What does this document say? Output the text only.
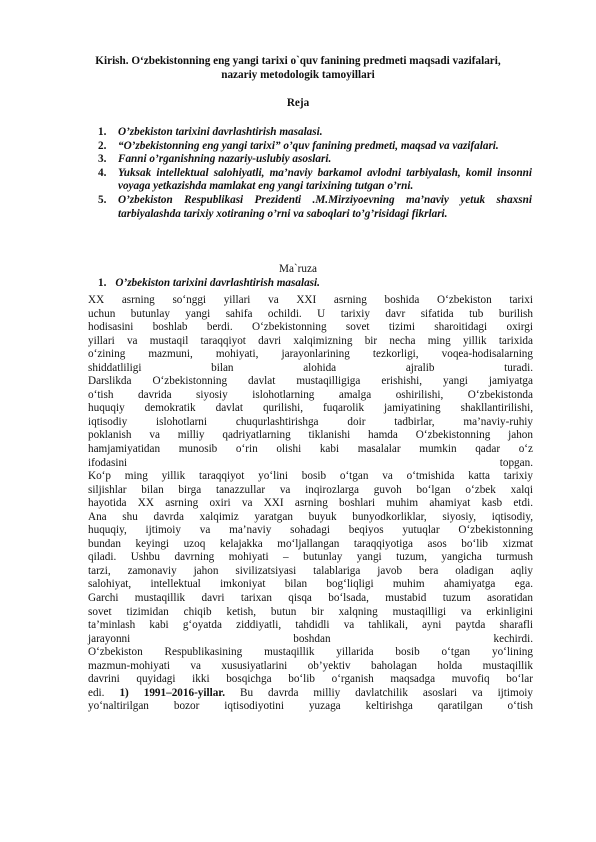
Kirish. O‘zbekistonning eng yangi tarixi o`quv fanining predmeti maqsadi vazifalari,
nazariy metodologik tamoyillari
Reja
1. O’zbekiston tarixini davrlashtirish masalasi.
2. “O’zbekistonning eng yangi tarixi” o’quv fanining predmeti, maqsad va vazifalari.
3. Fanni o’rganishning nazariy-uslubiy asoslari.
4. Yuksak intellektual salohiyatli, ma’naviy barkamol avlodni tarbiyalash, komil insonni voyaga yetkazishda mamlakat eng yangi tarixining tutgan o’rni.
5. O’zbekiston Respublikasi Prezidenti .M.Mirziyoevning ma’naviy yetuk shaxsni tarbiyalashda tarixiy xotiraning o’rni va saboqlari to’g’risidagi fikrlari.
Ma`ruza
1. O’zbekiston tarixini davrlashtirish masalasi.
XX asrning so‘nggi yillari va XXI asrning boshida O‘zbekiston tarixi
uchun butunlay yangi sahifa ochildi. U tarixiy davr sifatida tub burilish
hodisasini boshlab berdi. O‘zbekistonning sovet tizimi sharoitidagi oxirgi
yillari va mustaqil taraqqiyot davri xalqimizning bir necha ming yillik tarixida
o‘zining mazmuni, mohiyati, jarayonlarining tezkorligi, voqea-hodisalarning
shiddatliligi bilan alohida ajralib turadi.
Darslikda O‘zbekistonning davlat mustaqilligiga erishishi, yangi jamiyatga
o‘tish davrida siyosiy islohotlarning amalga oshirilishi, O‘zbekistonda
huquqiy demokratik davlat qurilishi, fuqarolik jamiyatining shakllantirilishi,
iqtisodiy islohotlarni chuqurlashtirishga doir tadbirlar, ma’naviy-ruhiy
poklanish va milliy qadriyatlarning tiklanishi hamda O‘zbekistonning jahon
hamjamiyatidan munosib o‘rin olishi kabi masalalar mumkin qadar o‘z
ifodasini topgan.
Ko‘p ming yillik taraqqiyot yo‘lini bosib o‘tgan va o‘tmishida katta tarixiy
siljishlar bilan birga tanazzullar va inqirozlarga guvoh bo‘lgan o‘zbek xalqi
hayotida XX asrning oxiri va XXI asrning boshlari muhim ahamiyat kasb etdi.
Ana shu davrda xalqimiz yaratgan buyuk bunyodkorliklar, siyosiy, iqtisodiy,
huquqiy, ijtimoiy va ma’naviy sohadagi beqiyos yutuqlar O‘zbekistonning
bundan keyingi uzoq kelajakka mo‘ljallangan taraqqiyotiga asos bo‘lib xizmat
qiladi. Ushbu davrning mohiyati – butunlay yangi tuzum, yangicha turmush
tarzi, zamonaviy jahon sivilizatsiyasi talablariga javob bera oladigan aqliy
salohiyat, intellektual imkoniyat bilan bog‘liqligi muhim ahamiyatga ega.
Garchi mustaqillik davri tarixan qisqa bo‘lsada, mustabid tuzum asoratidan
sovet tizimidan chiqib ketish, butun bir xalqning mustaqilligi va erkinligini
ta’minlash kabi g‘oyatda ziddiyatli, tahdidli va tahlikali, ayni paytda sharafli
jarayonni boshdan kechirdi.
O‘zbekiston Respublikasining mustaqillik yillarida bosib o‘tgan yo‘lining
mazmun-mohiyati va xususiyatlarini ob’yektiv baholagan holda mustaqillik
davrini quyidagi ikki bosqichga bo‘lib o‘rganish maqsadga muvofiq bo‘lar
edi. 1) 1991–2016-yillar. Bu davrda milliy davlatchilik asoslari va ijtimoiy
yo‘naltirilgan bozor iqtisodiyotini yuzaga keltirishga qaratilgan o‘tish
